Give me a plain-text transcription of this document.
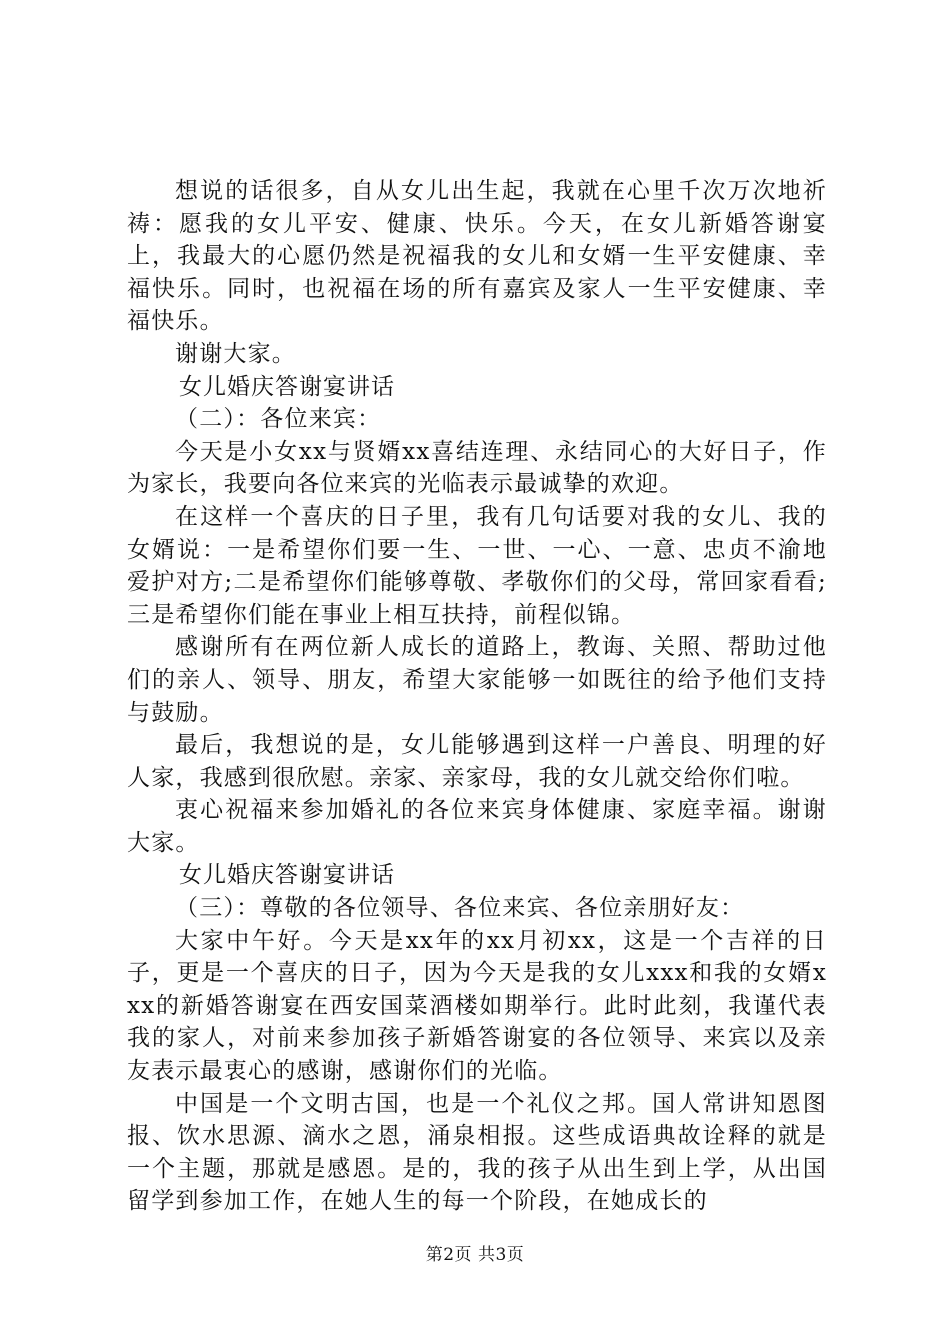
想说的话很多，自从女儿出生起，我就在心里千次万次地祈祷：愿我的女儿平安、健康、快乐。今天，在女儿新婚答谢宴上，我最大的心愿仍然是祝福我的女儿和女婿一生平安健康、幸福快乐。同时，也祝福在场的所有嘉宾及家人一生平安健康、幸福快乐。

谢谢大家。

女儿婚庆答谢宴讲话

（二）：各位来宾：

今天是小女xx与贤婿xx喜结连理、永结同心的大好日子，作为家长，我要向各位来宾的光临表示最诚挚的欢迎。

在这样一个喜庆的日子里，我有几句话要对我的女儿、我的女婿说：一是希望你们要一生、一世、一心、一意、忠贞不渝地爱护对方;二是希望你们能够尊敬、孝敬你们的父母，常回家看看;三是希望你们能在事业上相互扶持，前程似锦。

感谢所有在两位新人成长的道路上，教诲、关照、帮助过他们的亲人、领导、朋友，希望大家能够一如既往的给予他们支持与鼓励。

最后，我想说的是，女儿能够遇到这样一户善良、明理的好人家，我感到很欣慰。亲家、亲家母，我的女儿就交给你们啦。

衷心祝福来参加婚礼的各位来宾身体健康、家庭幸福。谢谢大家。

女儿婚庆答谢宴讲话

（三）：尊敬的各位领导、各位来宾、各位亲朋好友：

大家中午好。今天是xx年的xx月初xx，这是一个吉祥的日子，更是一个喜庆的日子，因为今天是我的女儿xxx和我的女婿xxx的新婚答谢宴在西安国菜酒楼如期举行。此时此刻，我谨代表我的家人，对前来参加孩子新婚答谢宴的各位领导、来宾以及亲友表示最衷心的感谢，感谢你们的光临。

中国是一个文明古国，也是一个礼仪之邦。国人常讲知恩图报、饮水思源、滴水之恩，涌泉相报。这些成语典故诠释的就是一个主题，那就是感恩。是的，我的孩子从出生到上学，从出国留学到参加工作，在她人生的每一个阶段，在她成长的

第2页 共3页
